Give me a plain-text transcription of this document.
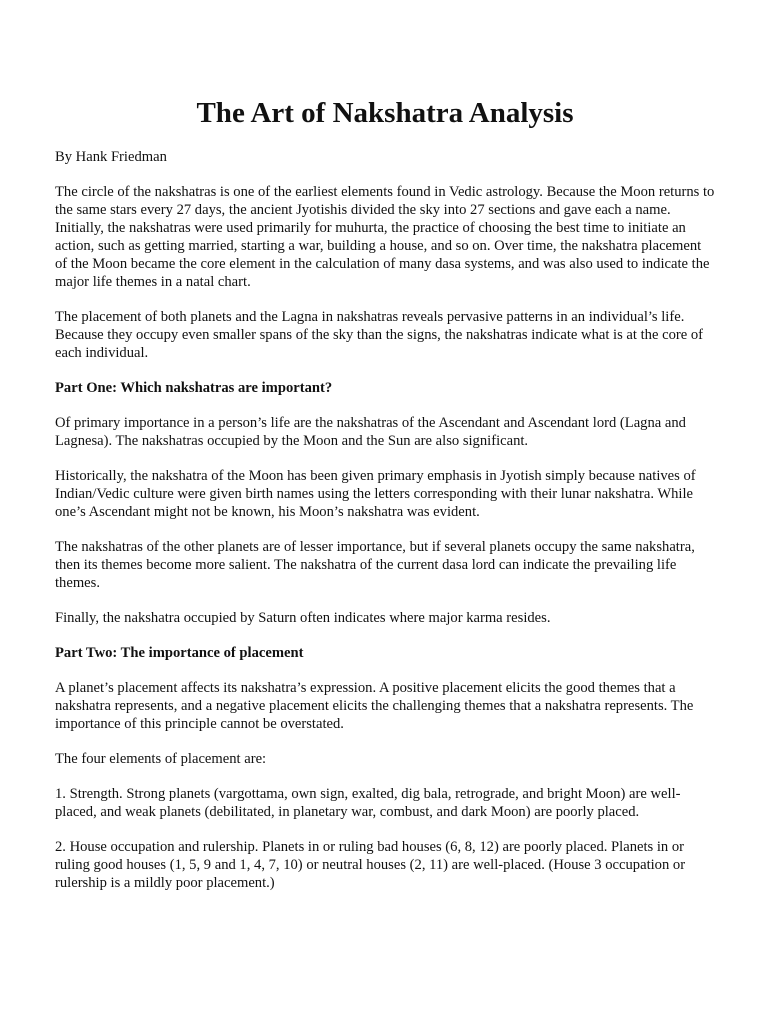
The Art of Nakshatra Analysis

By Hank Friedman

The circle of the nakshatras is one of the earliest elements found in Vedic astrology. Because the Moon returns to the same stars every 27 days, the ancient Jyotishis divided the sky into 27 sections and gave each a name. Initially, the nakshatras were used primarily for muhurta, the practice of choosing the best time to initiate an action, such as getting married, starting a war, building a house, and so on. Over time, the nakshatra placement of the Moon became the core element in the calculation of many dasa systems, and was also used to indicate the major life themes in a natal chart.

The placement of both planets and the Lagna in nakshatras reveals pervasive patterns in an individual’s life. Because they occupy even smaller spans of the sky than the signs, the nakshatras indicate what is at the core of each individual.

Part One: Which nakshatras are important?

Of primary importance in a person’s life are the nakshatras of the Ascendant and Ascendant lord (Lagna and Lagnesa). The nakshatras occupied by the Moon and the Sun are also significant.

Historically, the nakshatra of the Moon has been given primary emphasis in Jyotish simply because natives of Indian/Vedic culture were given birth names using the letters corresponding with their lunar nakshatra. While one’s Ascendant might not be known, his Moon’s nakshatra was evident.

The nakshatras of the other planets are of lesser importance, but if several planets occupy the same nakshatra, then its themes become more salient. The nakshatra of the current dasa lord can indicate the prevailing life themes.

Finally, the nakshatra occupied by Saturn often indicates where major karma resides.

Part Two: The importance of placement

A planet’s placement affects its nakshatra’s expression. A positive placement elicits the good themes that a nakshatra represents, and a negative placement elicits the challenging themes that a nakshatra represents. The importance of this principle cannot be overstated.

The four elements of placement are:

1. Strength. Strong planets (vargottama, own sign, exalted, dig bala, retrograde, and bright Moon) are well-placed, and weak planets (debilitated, in planetary war, combust, and dark Moon) are poorly placed.

2. House occupation and rulership. Planets in or ruling bad houses (6, 8, 12) are poorly placed. Planets in or ruling good houses (1, 5, 9 and 1, 4, 7, 10) or neutral houses (2, 11) are well-placed. (House 3 occupation or rulership is a mildly poor placement.)
